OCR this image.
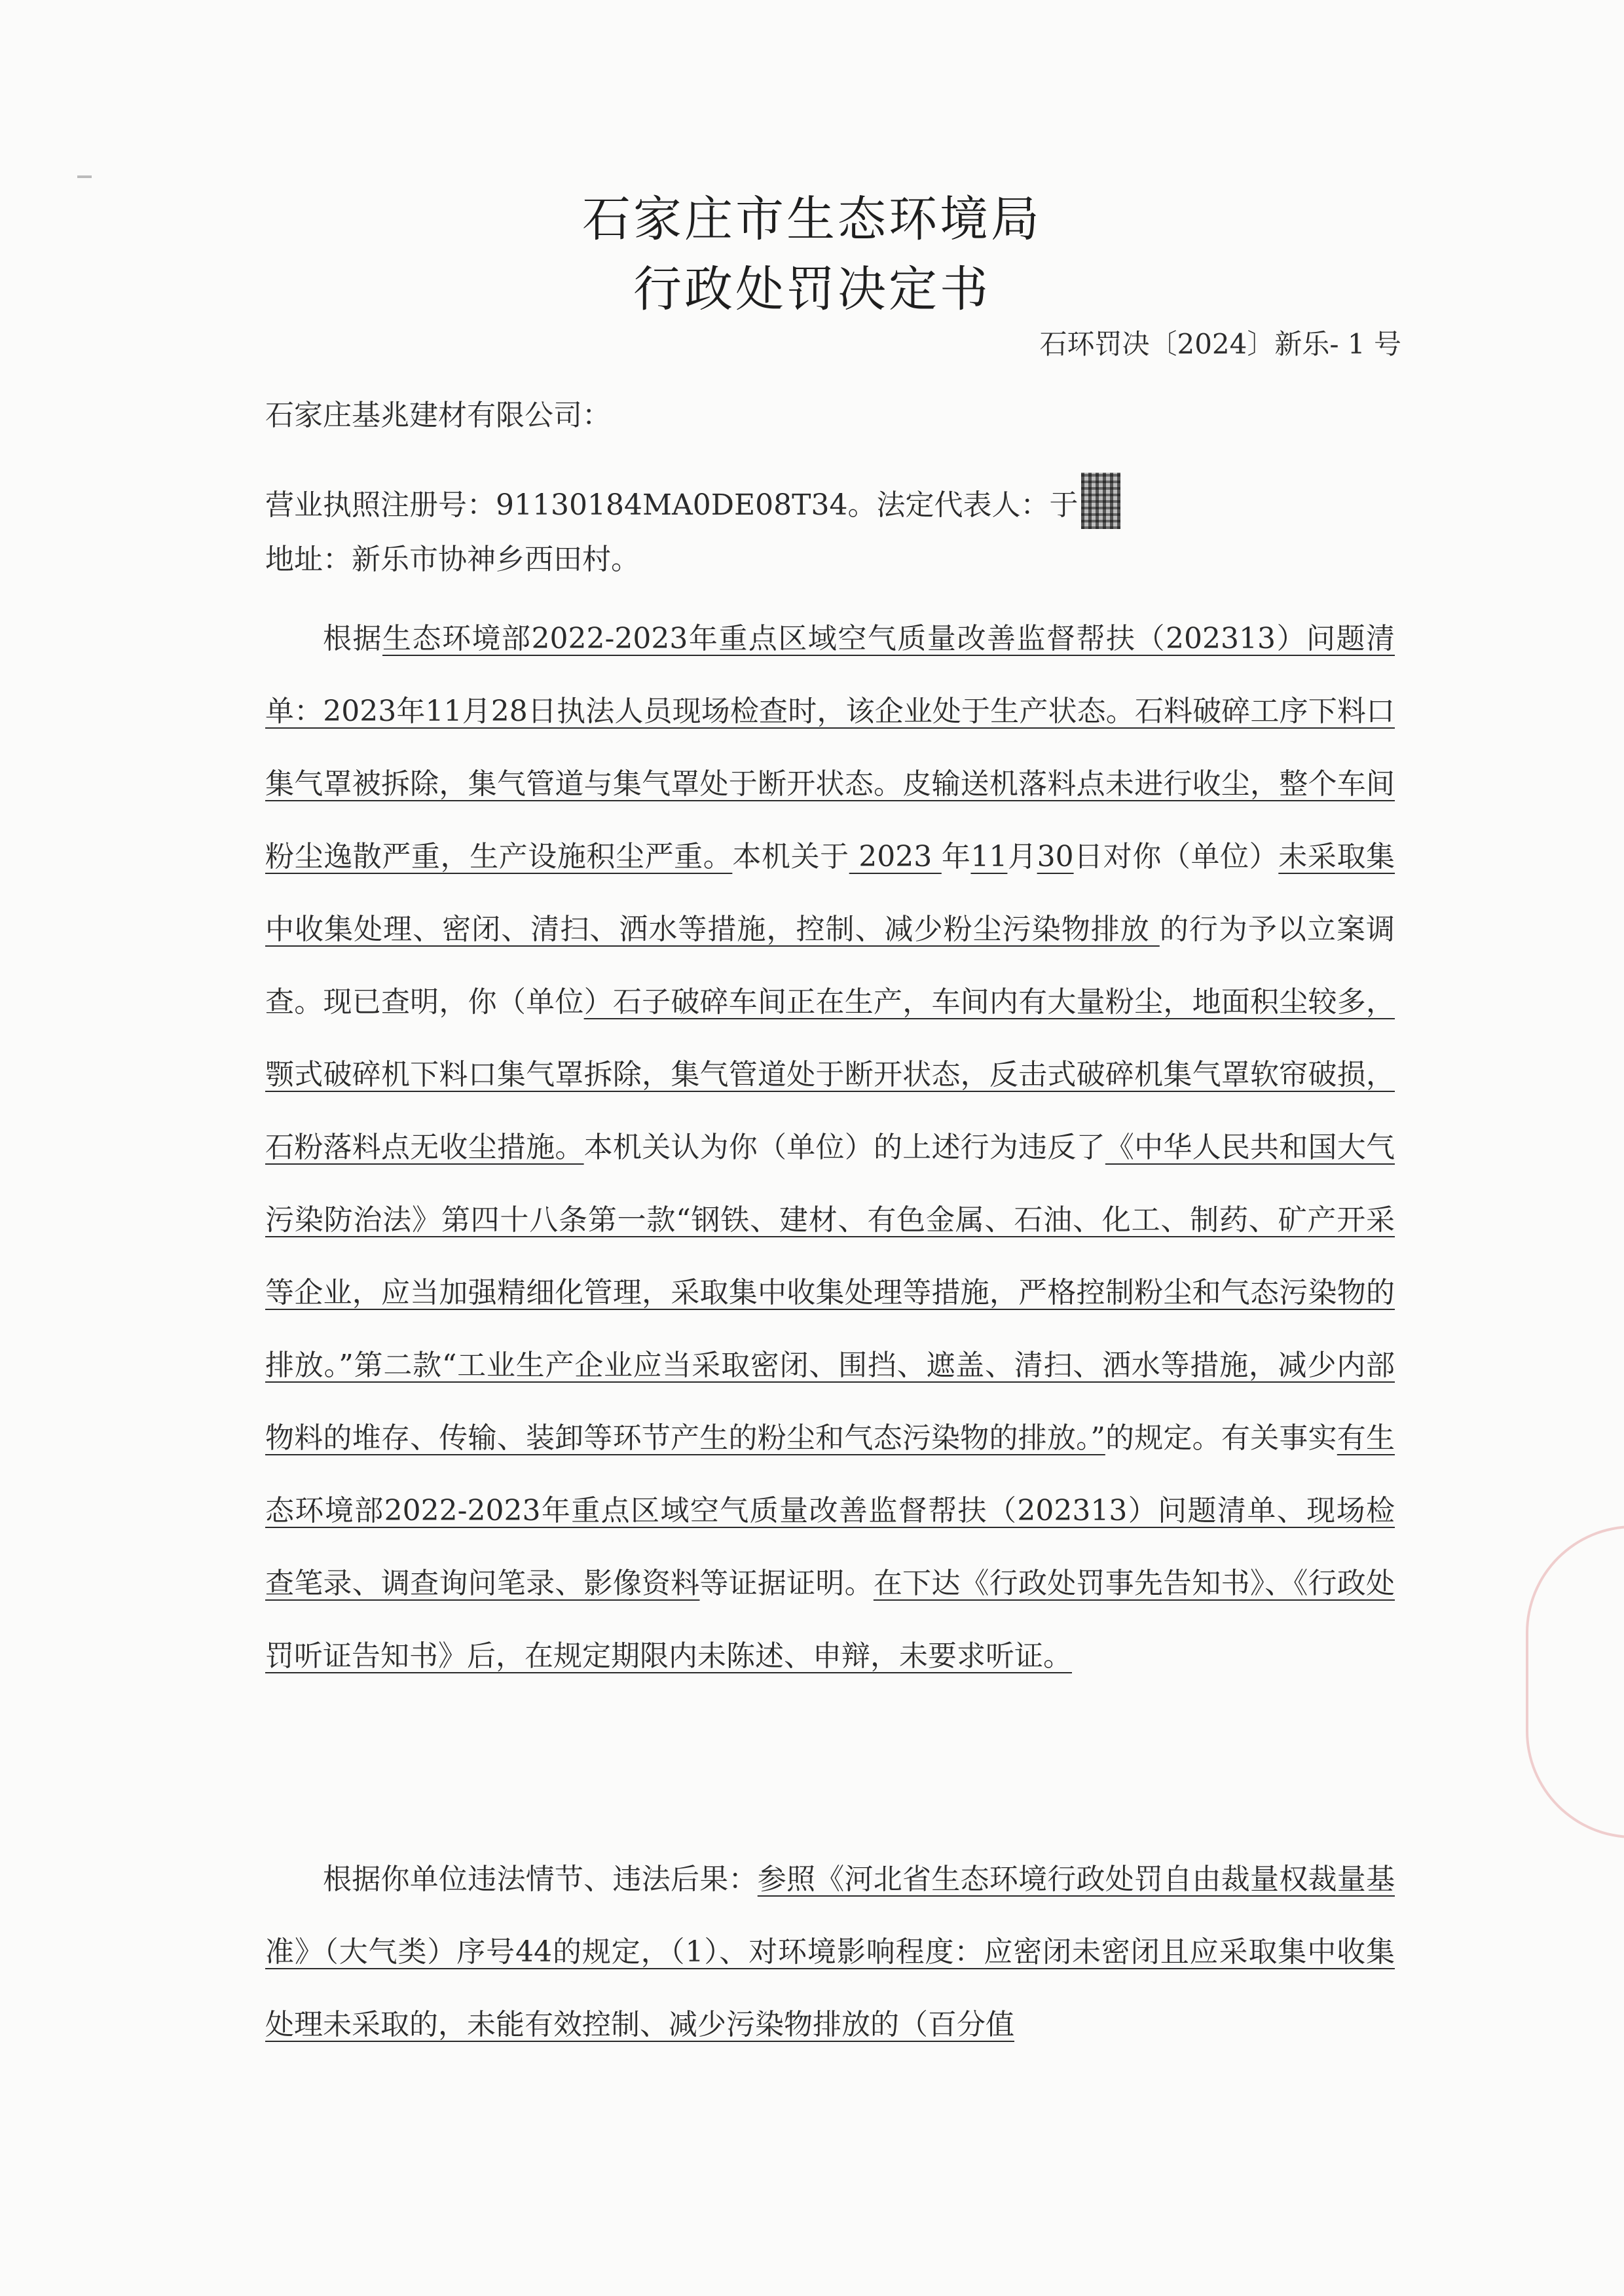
石家庄市生态环境局
行政处罚决定书
石环罚决〔2024〕新乐- 1 号
石家庄基兆建材有限公司：
营业执照注册号：91130184MA0DE08T34。法定代表人：于
地址：新乐市协神乡西田村。
根据生态环境部2022-2023年重点区域空气质量改善监督帮扶（202313）问题清单：2023年11月28日执法人员现场检查时，该企业处于生产状态。石料破碎工序下料口集气罩被拆除，集气管道与集气罩处于断开状态。皮输送机落料点未进行收尘，整个车间粉尘逸散严重，生产设施积尘严重。本机关于 2023 年11月30日对你（单位）未采取集中收集处理、密闭、清扫、洒水等措施，控制、减少粉尘污染物排放 的行为予以立案调查。现已查明，你（单位）石子破碎车间正在生产，车间内有大量粉尘，地面积尘较多，颚式破碎机下料口集气罩拆除，集气管道处于断开状态，反击式破碎机集气罩软帘破损，石粉落料点无收尘措施。本机关认为你（单位）的上述行为违反了《中华人民共和国大气污染防治法》第四十八条第一款“钢铁、建材、有色金属、石油、化工、制药、矿产开采等企业，应当加强精细化管理，采取集中收集处理等措施，严格控制粉尘和气态污染物的排放。”第二款“工业生产企业应当采取密闭、围挡、遮盖、清扫、洒水等措施，减少内部物料的堆存、传输、装卸等环节产生的粉尘和气态污染物的排放。”的规定。有关事实有生态环境部2022-2023年重点区域空气质量改善监督帮扶（202313）问题清单、现场检查笔录、调查询问笔录、影像资料等证据证明。在下达《行政处罚事先告知书》、《行政处罚听证告知书》后，在规定期限内未陈述、申辩，未要求听证。
根据你单位违法情节、违法后果：参照《河北省生态环境行政处罚自由裁量权裁量基准》（大气类）序号44的规定，（1）、对环境影响程度：应密闭未密闭且应采取集中收集处理未采取的，未能有效控制、减少污染物排放的（百分值
